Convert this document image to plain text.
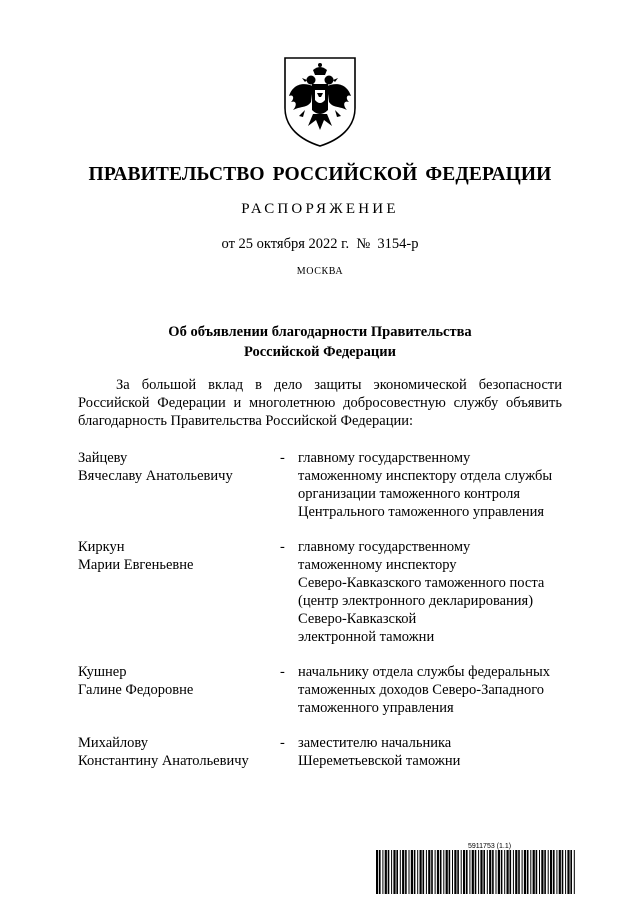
ПРАВИТЕЛЬСТВО РОССИЙСКОЙ ФЕДЕРАЦИИ
РАСПОРЯЖЕНИЕ
от 25 октября 2022 г.  №  3154-р
МОСКВА
Об объявлении благодарности Правительства
Российской Федерации
За большой вклад в дело защиты экономической безопасности Российской Федерации и многолетнюю добросовестную службу объявить благодарность Правительства Российской Федерации:
Зайцеву
Вячеславу Анатольевичу
- главному государственному
таможенному инспектору отдела службы
организации таможенного контроля
Центрального таможенного управления
Киркун
Марии Евгеньевне
- главному государственному
таможенному инспектору
Северо-Кавказского таможенного поста
(центр электронного декларирования)
Северо-Кавказской
электронной таможни
Кушнер
Галине Федоровне
- начальнику отдела службы федеральных
таможенных доходов Северо-Западного
таможенного управления
Михайлову
Константину Анатольевичу
- заместителю начальника
Шереметьевской таможни
5911753 (1.1)
